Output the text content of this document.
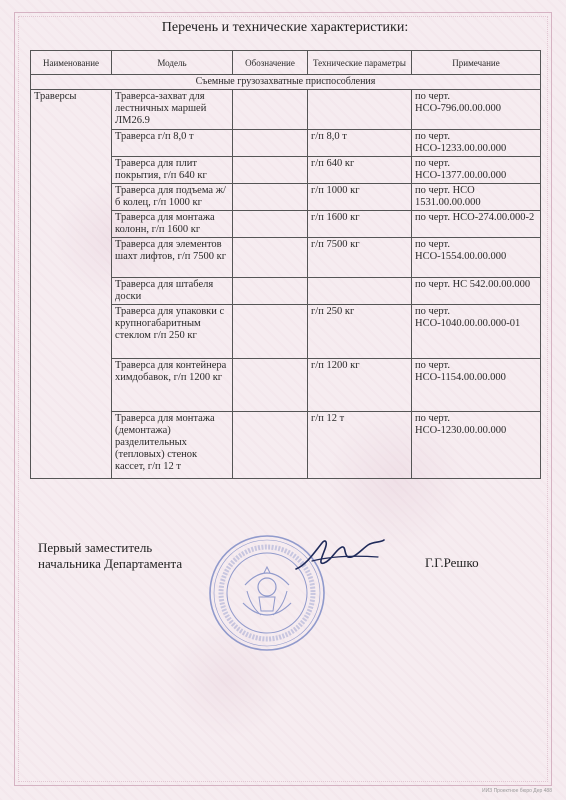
Перечень и технические характеристики:
Наименование	Модель	Обозначение	Технические параметры	Примечание
Съемные грузозахватные приспособления				
Траверсы	Траверса-захват для лестничных маршей ЛМ26.9			по черт. НСО-796.00.00.000
	Траверса г/п 8,0 т		г/п 8,0 т	по черт. НСО-1233.00.00.000
	Траверса для плит покрытия, г/п 640 кг		г/п 640 кг	по черт. НСО-1377.00.00.000
	Траверса для подъема ж/б колец, г/п 1000 кг		г/п 1000 кг	по черт. НСО 1531.00.00.000
	Траверса для монтажа колонн, г/п 1600 кг		г/п 1600 кг	по черт. НСО-274.00.000-2
	Траверса для элементов шахт лифтов, г/п 7500 кг		г/п 7500 кг	по черт. НСО-1554.00.00.000
	Траверса для штабеля доски			по черт. НС 542.00.00.000
	Траверса для упаковки с крупногабаритным стеклом г/п 250 кг		г/п 250 кг	по черт. НСО-1040.00.00.000-01
	Траверса для контейнера химдобавок, г/п 1200 кг		г/п 1200 кг	по черт. НСО-1154.00.00.000
	Траверса для монтажа (демонтажа) разделительных (тепловых) стенок кассет, г/п 12 т		г/п 12 т	по черт. НСО-1230.00.00.000
Первый заместитель
начальника Департамента	Г.Г.Решко
ИИЗ Проектное бюро Дер 488
